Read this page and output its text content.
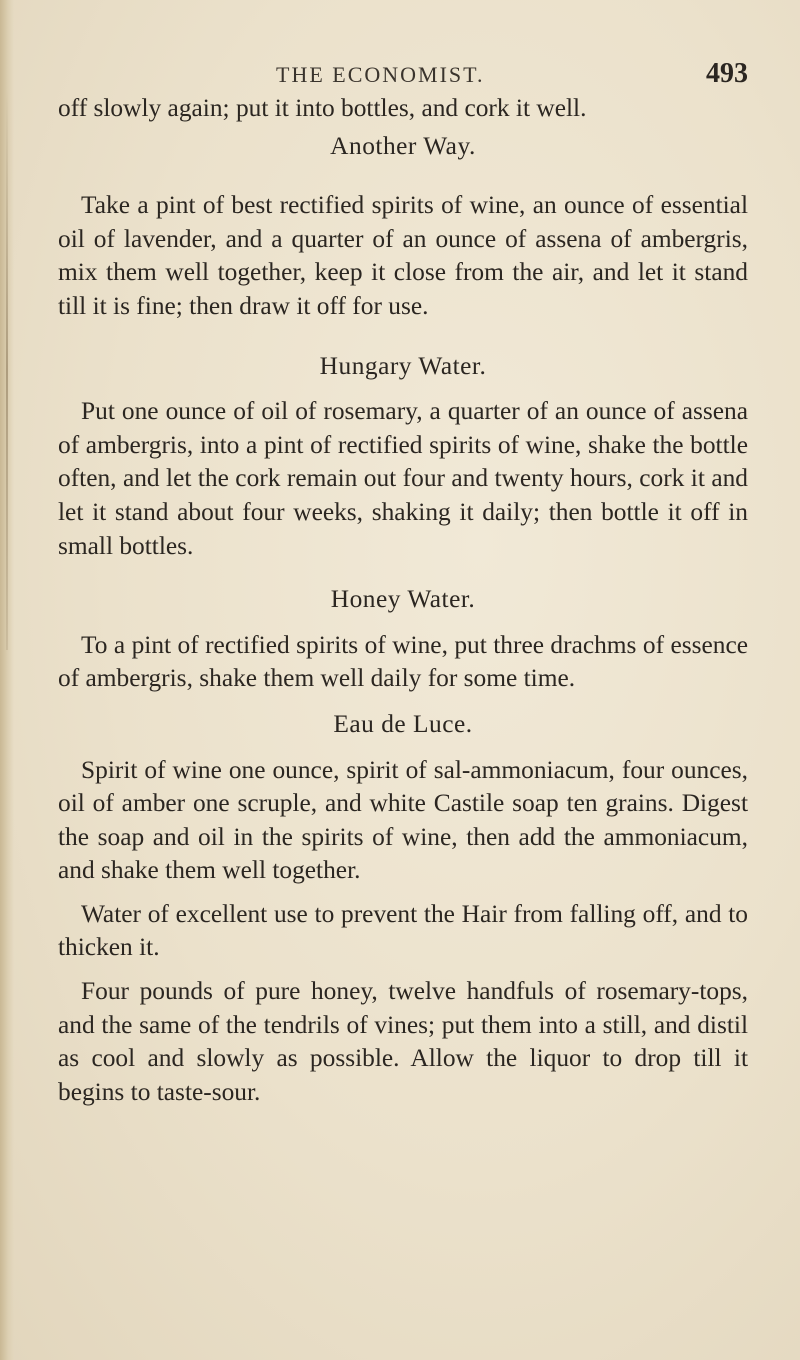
THE ECONOMIST.	493

off slowly again; put it into bottles, and cork it well.

Another Way.

Take a pint of best rectified spirits of wine, an ounce of essential oil of lavender, and a quarter of an ounce of assena of ambergris, mix them well together, keep it close from the air, and let it stand till it is fine; then draw it off for use.

Hungary Water.

Put one ounce of oil of rosemary, a quarter of an ounce of assena of ambergris, into a pint of rectified spirits of wine, shake the bottle often, and let the cork remain out four and twenty hours, cork it and let it stand about four weeks, shaking it daily; then bottle it off in small bottles.

Honey Water.

To a pint of rectified spirits of wine, put three drachms of essence of ambergris, shake them well daily for some time.

Eau de Luce.

Spirit of wine one ounce, spirit of sal-ammoniacum, four ounces, oil of amber one scruple, and white Castile soap ten grains. Digest the soap and oil in the spirits of wine, then add the ammoniacum, and shake them well together.

Water of excellent use to prevent the Hair from falling off, and to thicken it.

Four pounds of pure honey, twelve handfuls of rosemary-tops, and the same of the tendrils of vines; put them into a still, and distil as cool and slowly as possible. Allow the liquor to drop till it begins to taste-sour.
